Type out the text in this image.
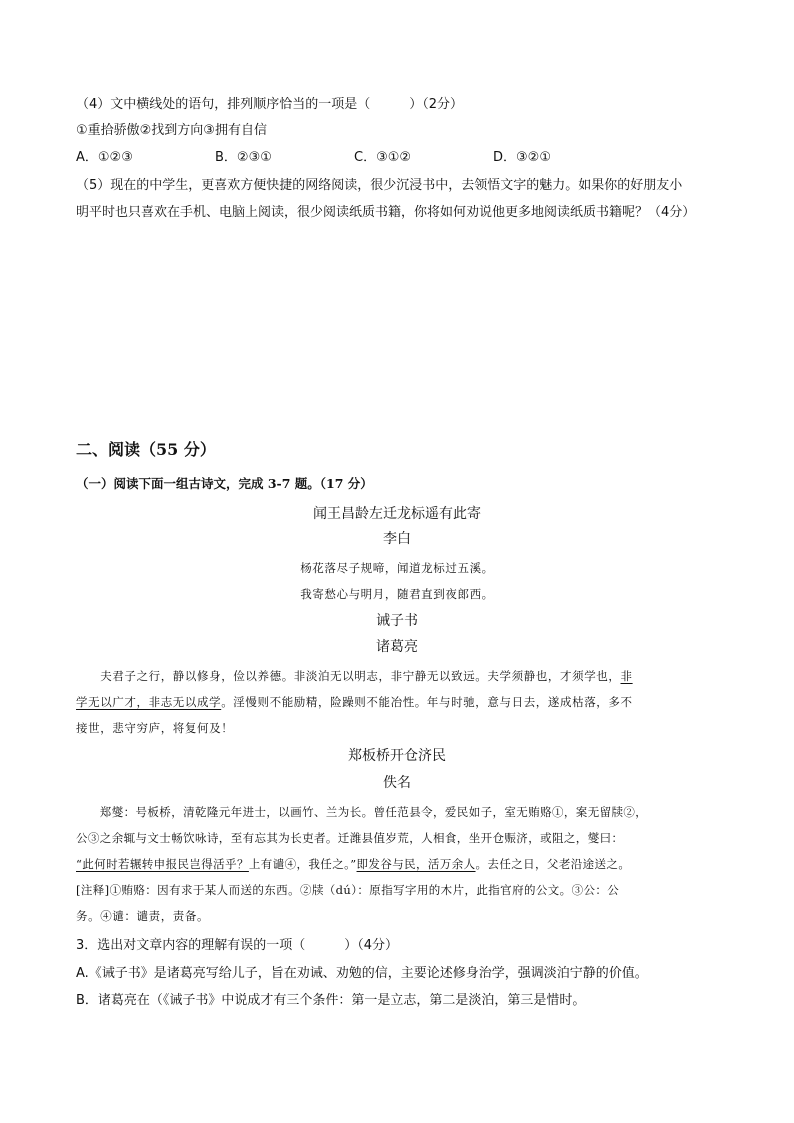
（4）文中横线处的语句，排列顺序恰当的一项是（　　　）（2分）
①重拾骄傲②找到方向③拥有自信
A．①②③	B．②③①	C．③①②	D．③②①
（5）现在的中学生，更喜欢方便快捷的网络阅读，很少沉浸书中，去领悟文字的魅力。如果你的好朋友小
明平时也只喜欢在手机、电脑上阅读，很少阅读纸质书籍，你将如何劝说他更多地阅读纸质书籍呢？（4分）
二、阅读（55 分）
（一）阅读下面一组古诗文，完成 3-7 题。（17 分）
闻王昌龄左迁龙标遥有此寄
李白
杨花落尽子规啼，闻道龙标过五溪。
我寄愁心与明月，随君直到夜郎西。
诫子书
诸葛亮
　　夫君子之行，静以修身，俭以养德。非淡泊无以明志，非宁静无以致远。夫学须静也，才须学也，非
学无以广才，非志无以成学。淫慢则不能励精，险躁则不能冶性。年与时驰，意与日去，遂成枯落，多不
接世，悲守穷庐，将复何及！
郑板桥开仓济民
佚名
　　郑燮：号板桥，清乾隆元年进士，以画竹、兰为长。曾任范县令，爱民如子，室无贿赂①，案无留牍②，
公③之余辄与文士畅饮咏诗，至有忘其为长吏者。迁潍县值岁荒，人相食，坐开仓赈济，或阻之，燮曰：
“此何时若辗转申报民岂得活乎？上有谴④，我任之。”即发谷与民，活万余人。去任之日，父老沿途送之。
[注释]①贿赂：因有求于某人而送的东西。②牍（dú）：原指写字用的木片，此指官府的公文。③公：公
务。④谴：谴责，责备。
3．选出对文章内容的理解有误的一项（　　　）（4分）
A.《诫子书》是诸葛亮写给儿子，旨在劝诫、劝勉的信，主要论述修身治学，强调淡泊宁静的价值。
B．诸葛亮在（《诫子书》中说成才有三个条件：第一是立志，第二是淡泊，第三是惜时。
